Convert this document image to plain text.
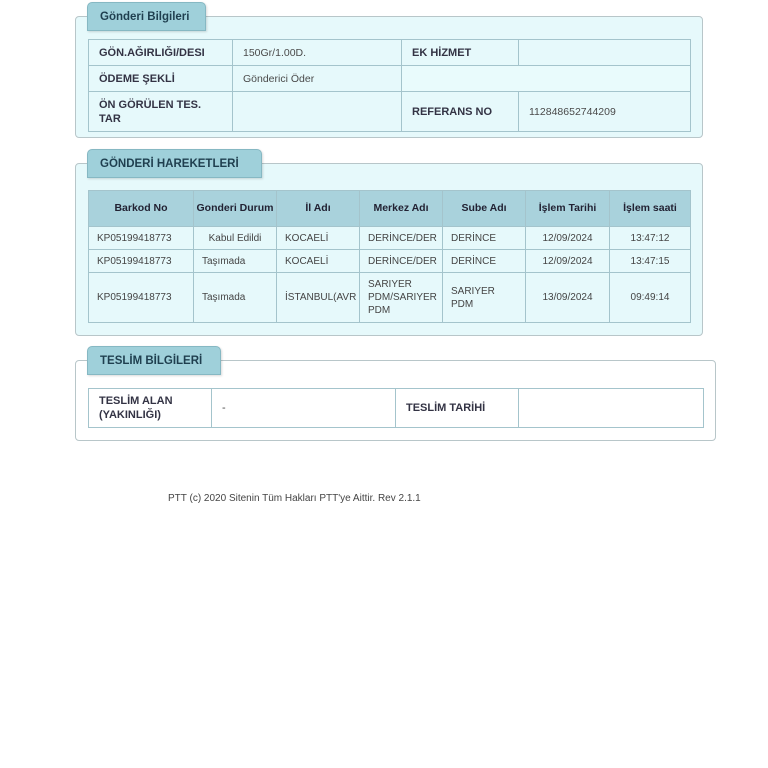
Gönderi Bilgileri
GÖN.AĞIRLIĞI/DESI	150Gr/1.00D.	EK HİZMET	
ÖDEME ŞEKLİ	Gönderici Öder		
ÖN GÖRÜLEN TES. TAR		REFERANS NO	112848652744209
GÖNDERİ HAREKETLERİ
Barkod No	Gonderi Durum	İl Adı	Merkez Adı	Sube Adı	İşlem Tarihi	İşlem saati
KP05199418773	Kabul Edildi	KOCAELİ	DERİNCE/DER	DERİNCE	12/09/2024	13:47:12
KP05199418773	Taşımada	KOCAELİ	DERİNCE/DER	DERİNCE	12/09/2024	13:47:15
KP05199418773	Taşımada	İSTANBUL(AVR	SARIYER PDM/SARIYER PDM	SARIYER PDM	13/09/2024	09:49:14
TESLİM BİLGİLERİ
TESLİM ALAN (YAKINLIĞI)	-	TESLİM TARİHİ	
PTT (c) 2020 Sitenin Tüm Hakları PTT'ye Aittir. Rev 2.1.1
